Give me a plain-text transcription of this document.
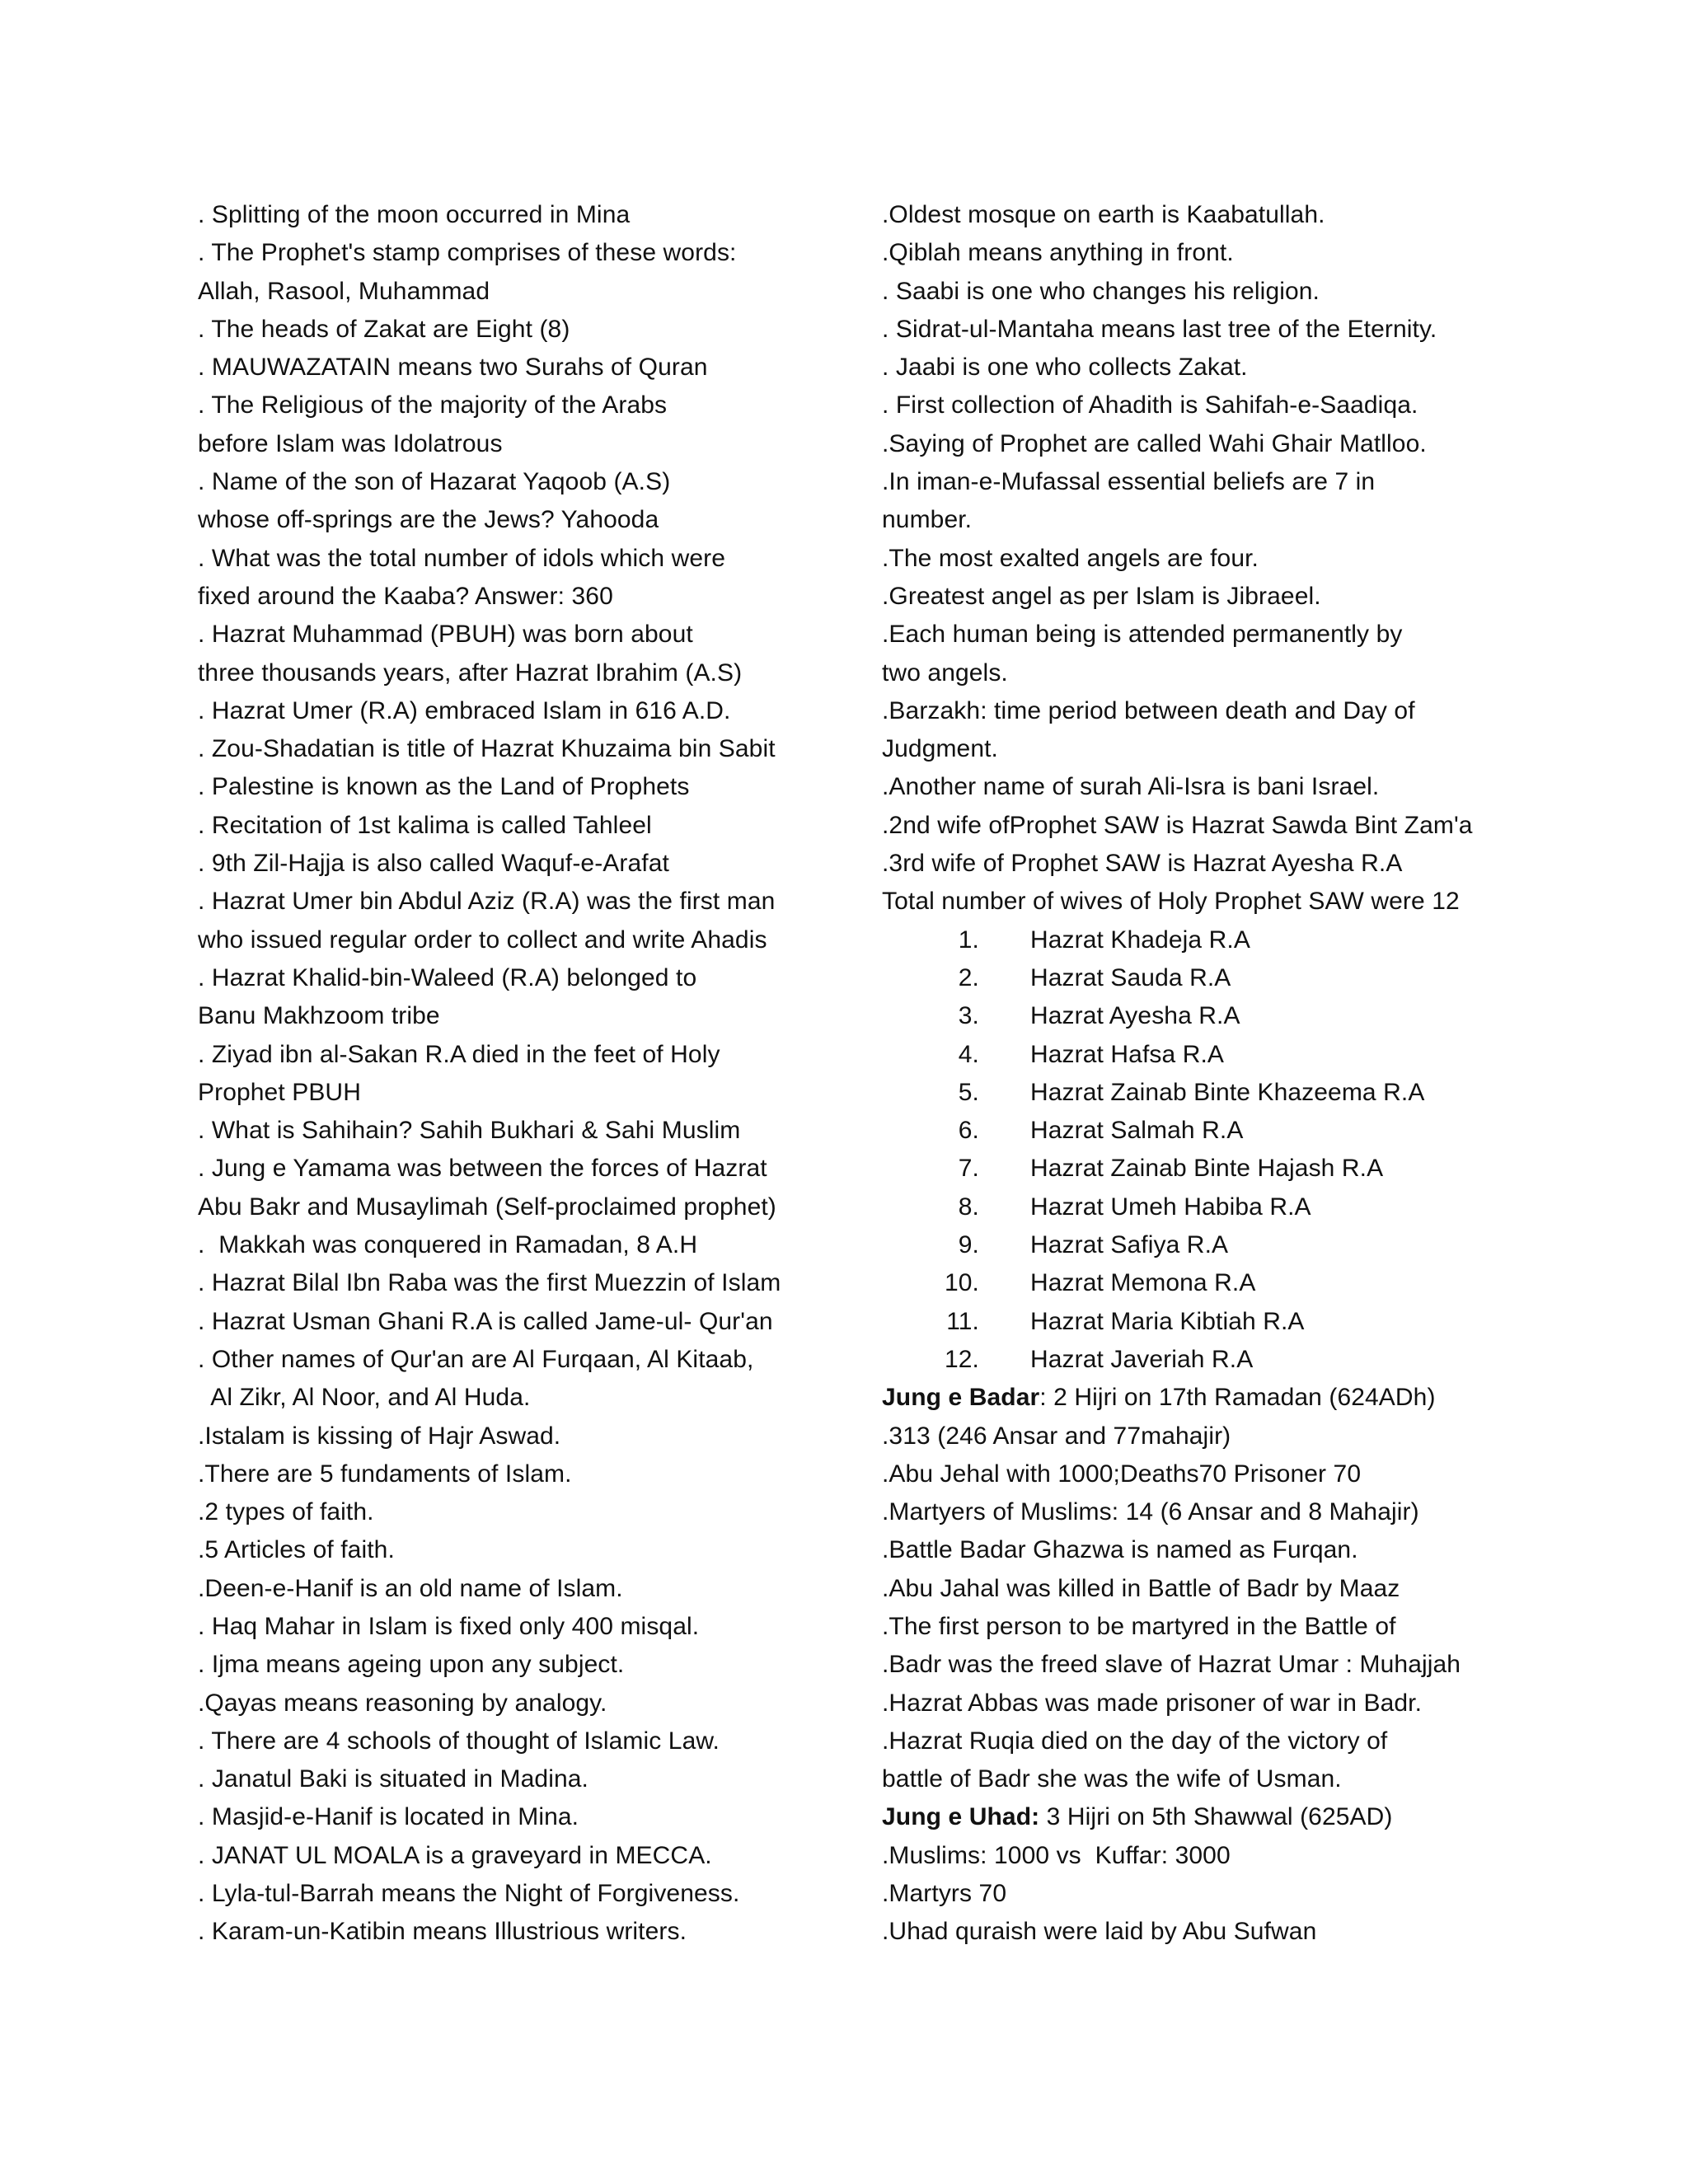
. Splitting of the moon occurred in Mina
. The Prophet's stamp comprises of these words:
Allah, Rasool, Muhammad
. The heads of Zakat are Eight (8)
. MAUWAZATAIN means two Surahs of Quran
. The Religious of the majority of the Arabs
before Islam was Idolatrous
. Name of the son of Hazarat Yaqoob (A.S)
whose off-springs are the Jews? Yahooda
. What was the total number of idols which were
fixed around the Kaaba? Answer: 360
. Hazrat Muhammad (PBUH) was born about
three thousands years, after Hazrat Ibrahim (A.S)
. Hazrat Umer (R.A) embraced Islam in 616 A.D.
. Zou-Shadatian is title of Hazrat Khuzaima bin Sabit
. Palestine is known as the Land of Prophets
. Recitation of 1st kalima is called Tahleel
. 9th Zil-Hajja is also called Waquf-e-Arafat
. Hazrat Umer bin Abdul Aziz (R.A) was the first man
who issued regular order to collect and write Ahadis
. Hazrat Khalid-bin-Waleed (R.A) belonged to
Banu Makhzoom tribe
. Ziyad ibn al-Sakan R.A died in the feet of Holy
Prophet PBUH
. What is Sahihain? Sahih Bukhari & Sahi Muslim
. Jung e Yamama was between the forces of Hazrat
Abu Bakr and Musaylimah (Self-proclaimed prophet)
.  Makkah was conquered in Ramadan, 8 A.H
. Hazrat Bilal Ibn Raba was the first Muezzin of Islam
. Hazrat Usman Ghani R.A is called Jame-ul- Qur'an
. Other names of Qur'an are Al Furqaan, Al Kitaab,
Al Zikr, Al Noor, and Al Huda.
.Istalam is kissing of Hajr Aswad.
.There are 5 fundaments of Islam.
.2 types of faith.
.5 Articles of faith.
.Deen-e-Hanif is an old name of Islam.
. Haq Mahar in Islam is fixed only 400 misqal.
. Ijma means ageing upon any subject.
.Qayas means reasoning by analogy.
. There are 4 schools of thought of Islamic Law.
. Janatul Baki is situated in Madina.
. Masjid-e-Hanif is located in Mina.
. JANAT UL MOALA is a graveyard in MECCA.
. Lyla-tul-Barrah means the Night of Forgiveness.
. Karam-un-Katibin means Illustrious writers.
.Oldest mosque on earth is Kaabatullah.
.Qiblah means anything in front.
. Saabi is one who changes his religion.
. Sidrat-ul-Mantaha means last tree of the Eternity.
. Jaabi is one who collects Zakat.
. First collection of Ahadith is Sahifah-e-Saadiqa.
.Saying of Prophet are called Wahi Ghair Matlloo.
.In iman-e-Mufassal essential beliefs are 7 in
number.
.The most exalted angels are four.
.Greatest angel as per Islam is Jibraeel.
.Each human being is attended permanently by
two angels.
.Barzakh: time period between death and Day of
Judgment.
.Another name of surah Ali-Isra is bani Israel.
.2nd wife ofProphet SAW is Hazrat Sawda Bint Zam'a
.3rd wife of Prophet SAW is Hazrat Ayesha R.A
Total number of wives of Holy Prophet SAW were 12
1. Hazrat Khadeja R.A
2. Hazrat Sauda R.A
3. Hazrat Ayesha R.A
4. Hazrat Hafsa R.A
5. Hazrat Zainab Binte Khazeema R.A
6. Hazrat Salmah R.A
7. Hazrat Zainab Binte Hajash R.A
8. Hazrat Umeh Habiba R.A
9. Hazrat Safiya R.A
10. Hazrat Memona R.A
11. Hazrat Maria Kibtiah R.A
12. Hazrat Javeriah R.A
Jung e Badar: 2 Hijri on 17th Ramadan (624ADh)
.313 (246 Ansar and 77mahajir)
.Abu Jehal with 1000;Deaths70 Prisoner 70
.Martyers of Muslims: 14 (6 Ansar and 8 Mahajir)
.Battle Badar Ghazwa is named as Furqan.
.Abu Jahal was killed in Battle of Badr by Maaz
.The first person to be martyred in the Battle of
.Badr was the freed slave of Hazrat Umar : Muhajjah
.Hazrat Abbas was made prisoner of war in Badr.
.Hazrat Ruqia died on the day of the victory of
battle of Badr she was the wife of Usman.
Jung e Uhad: 3 Hijri on 5th Shawwal (625AD)
.Muslims: 1000 vs  Kuffar: 3000
.Martyrs 70
.Uhad quraish were laid by Abu Sufwan
